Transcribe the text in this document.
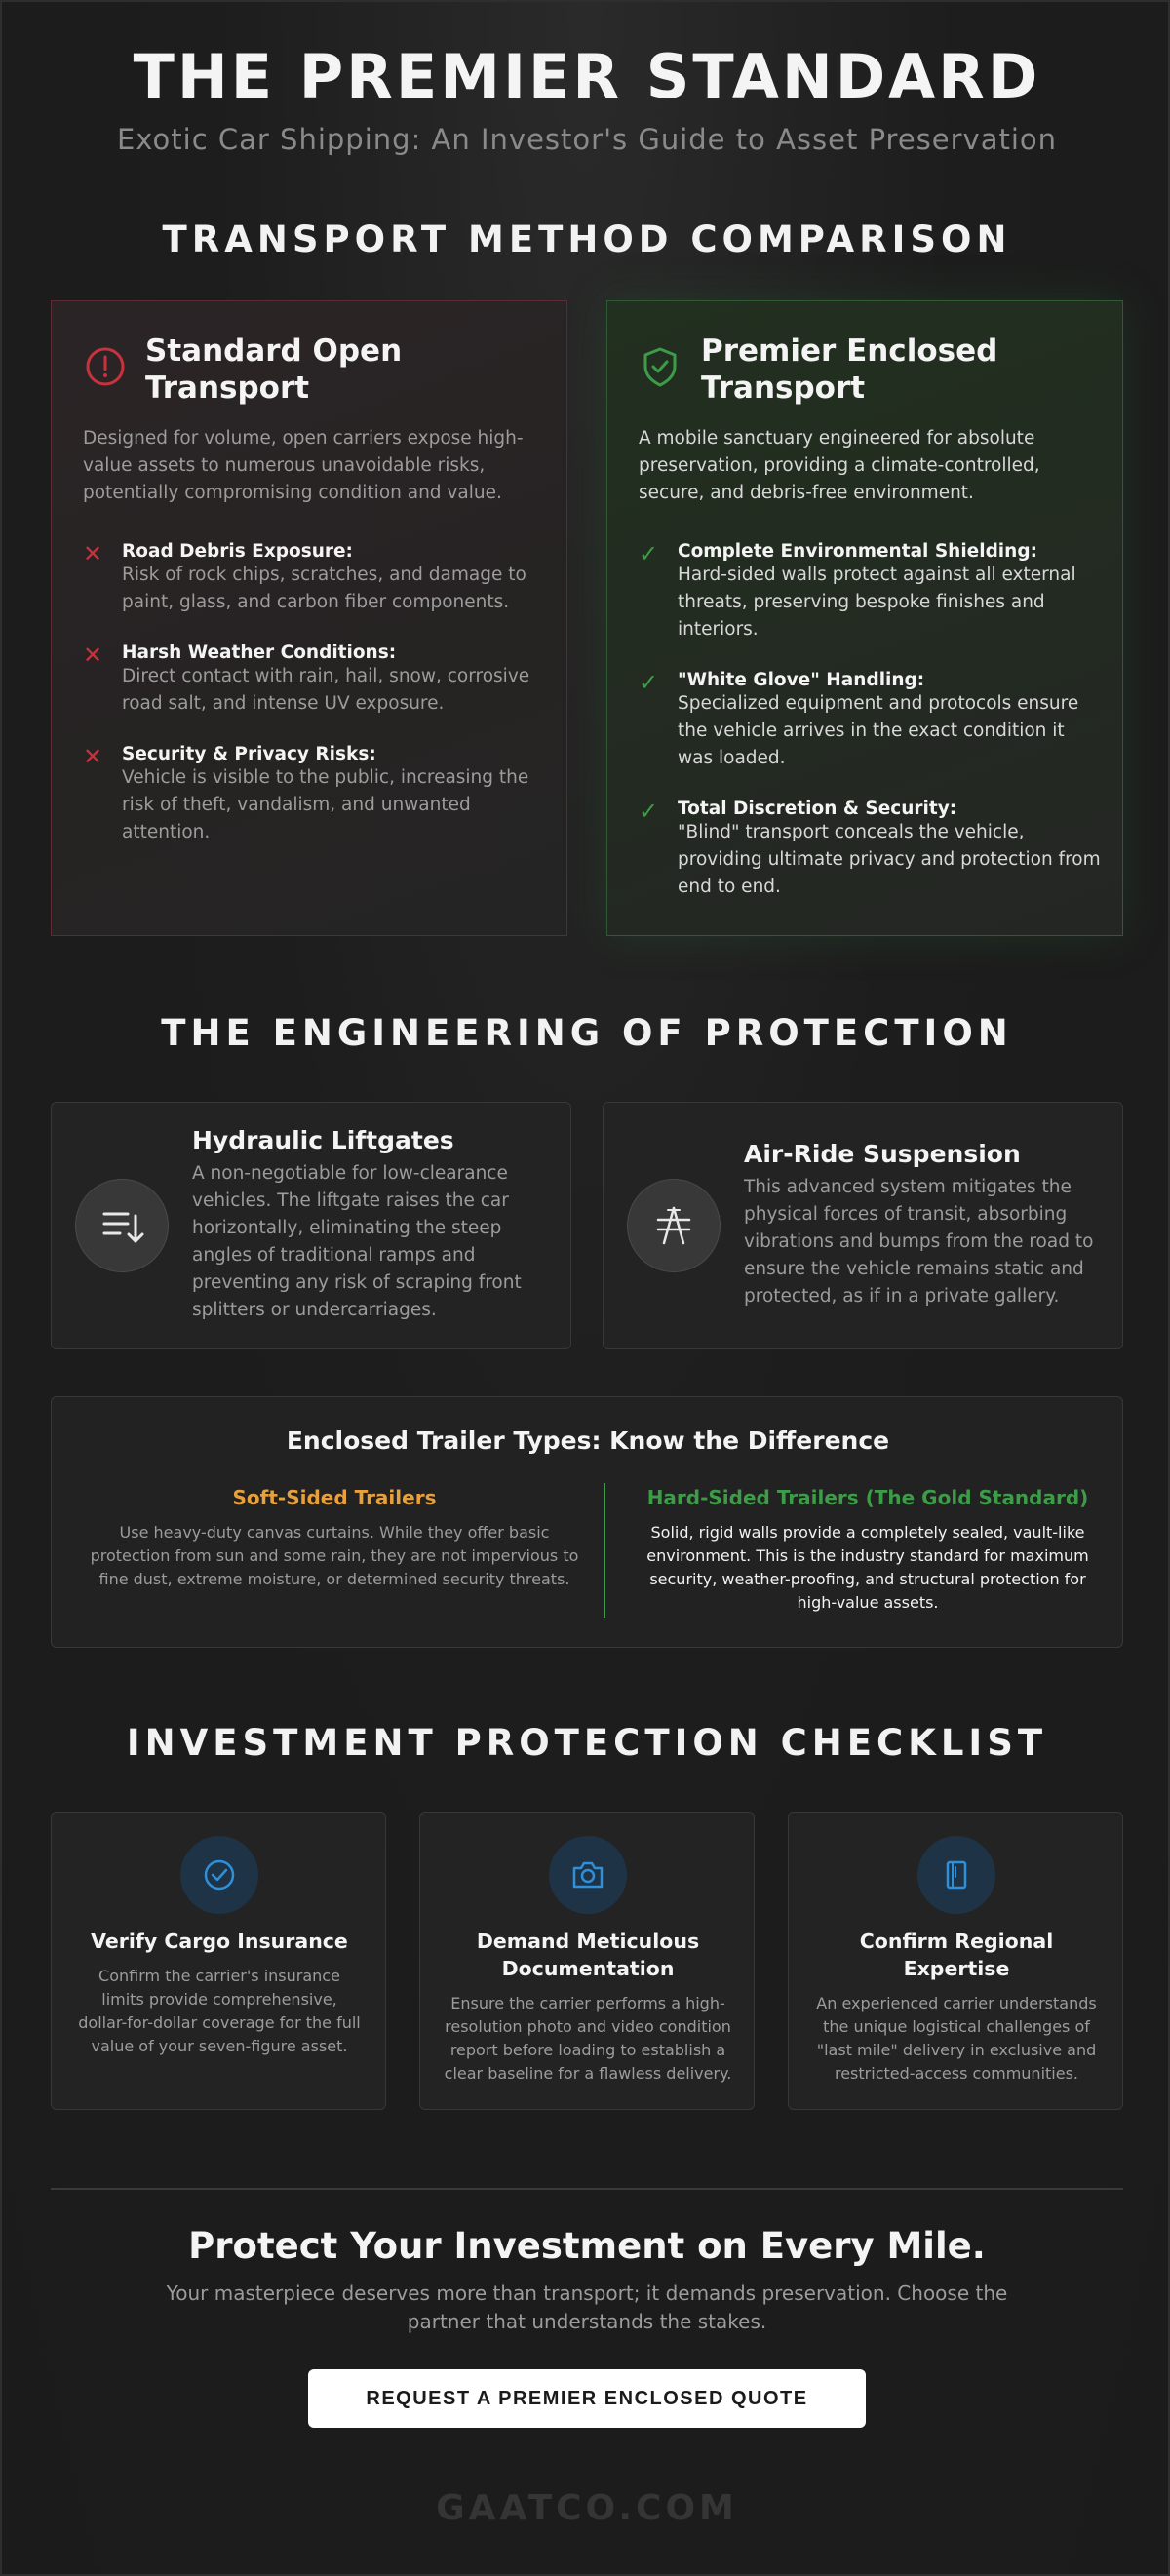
THE PREMIER STANDARD
Exotic Car Shipping: An Investor's Guide to Asset Preservation
TRANSPORT METHOD COMPARISON
Standard Open
Transport
Designed for volume, open carriers expose high-
value assets to numerous unavoidable risks,
potentially compromising condition and value.
✕ Road Debris Exposure:
Risk of rock chips, scratches, and damage to
paint, glass, and carbon fiber components.
✕ Harsh Weather Conditions:
Direct contact with rain, hail, snow, corrosive
road salt, and intense UV exposure.
✕ Security & Privacy Risks:
Vehicle is visible to the public, increasing the
risk of theft, vandalism, and unwanted
attention.
Premier Enclosed
Transport
A mobile sanctuary engineered for absolute
preservation, providing a climate-controlled,
secure, and debris-free environment.
✓ Complete Environmental Shielding:
Hard-sided walls protect against all external
threats, preserving bespoke finishes and
interiors.
✓ "White Glove" Handling:
Specialized equipment and protocols ensure
the vehicle arrives in the exact condition it
was loaded.
✓ Total Discretion & Security:
"Blind" transport conceals the vehicle,
providing ultimate privacy and protection from
end to end.
THE ENGINEERING OF PROTECTION
Hydraulic Liftgates
A non-negotiable for low-clearance
vehicles. The liftgate raises the car
horizontally, eliminating the steep
angles of traditional ramps and
preventing any risk of scraping front
splitters or undercarriages.
Air-Ride Suspension
This advanced system mitigates the
physical forces of transit, absorbing
vibrations and bumps from the road to
ensure the vehicle remains static and
protected, as if in a private gallery.
Enclosed Trailer Types: Know the Difference
Soft-Sided Trailers
Use heavy-duty canvas curtains. While they offer basic
protection from sun and some rain, they are not impervious to
fine dust, extreme moisture, or determined security threats.
Hard-Sided Trailers (The Gold Standard)
Solid, rigid walls provide a completely sealed, vault-like
environment. This is the industry standard for maximum
security, weather-proofing, and structural protection for
high-value assets.
INVESTMENT PROTECTION CHECKLIST
Verify Cargo Insurance
Confirm the carrier's insurance
limits provide comprehensive,
dollar-for-dollar coverage for the full
value of your seven-figure asset.
Demand Meticulous
Documentation
Ensure the carrier performs a high-
resolution photo and video condition
report before loading to establish a
clear baseline for a flawless delivery.
Confirm Regional
Expertise
An experienced carrier understands
the unique logistical challenges of
"last mile" delivery in exclusive and
restricted-access communities.
Protect Your Investment on Every Mile.
Your masterpiece deserves more than transport; it demands preservation. Choose the
partner that understands the stakes.
REQUEST A PREMIER ENCLOSED QUOTE
GAATCO.COM
